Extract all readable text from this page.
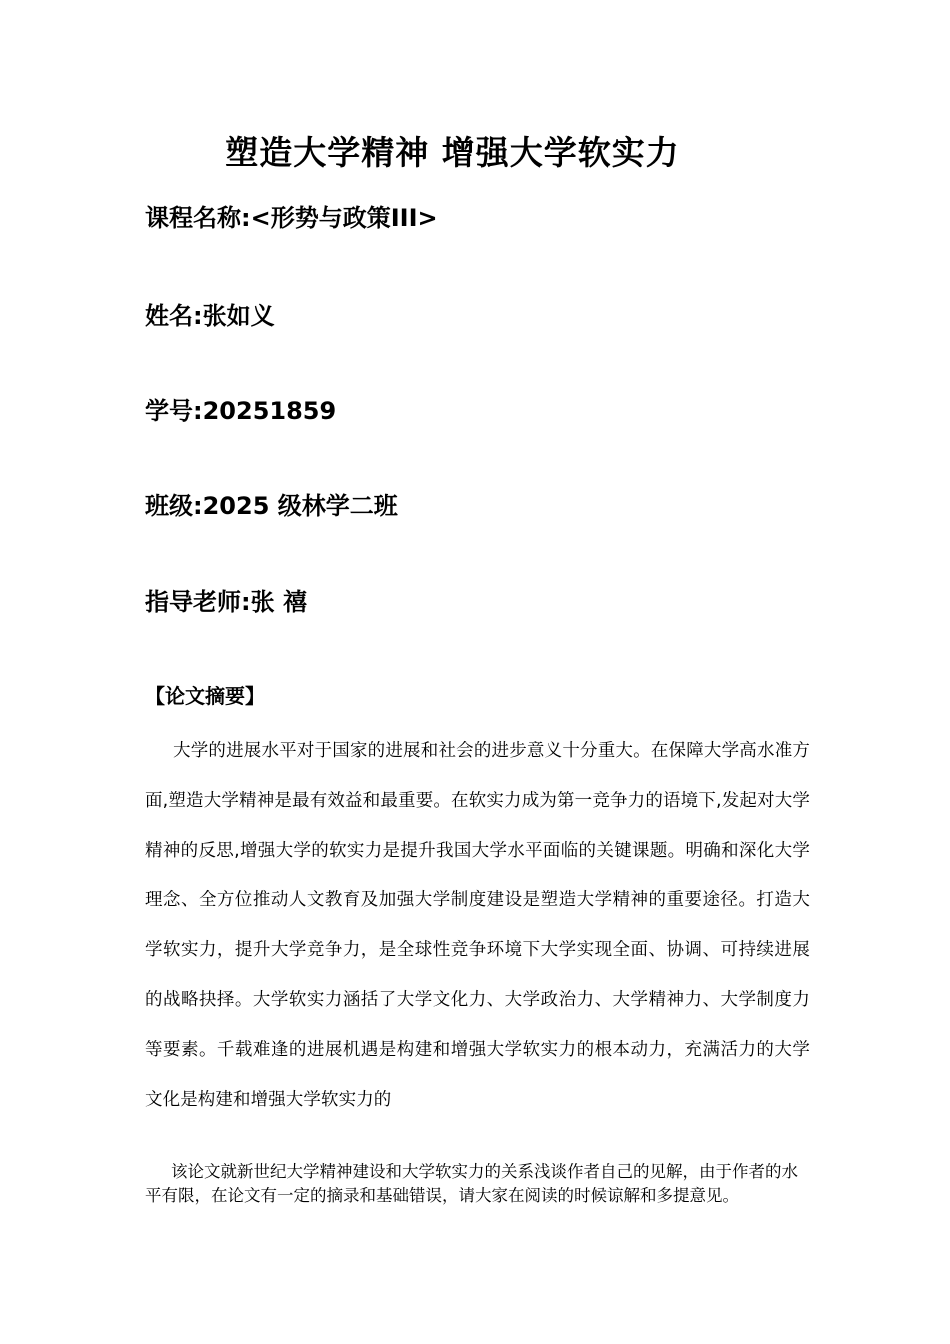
塑造大学精神 增强大学软实力
课程名称:<形势与政策III>
姓名:张如义
学号:20251859
班级:2025 级林学二班
指导老师:张 禧
【论文摘要】
大学的进展水平对于国家的进展和社会的进步意义十分重大。在保障大学高水准方面,塑造大学精神是最有效益和最重要。在软实力成为第一竞争力的语境下,发起对大学精神的反思,增强大学的软实力是提升我国大学水平面临的关键课题。明确和深化大学理念、全方位推动人文教育及加强大学制度建设是塑造大学精神的重要途径。打造大学软实力，提升大学竞争力，是全球性竞争环境下大学实现全面、协调、可持续进展的战略抉择。大学软实力涵括了大学文化力、大学政治力、大学精神力、大学制度力等要素。千载难逢的进展机遇是构建和增强大学软实力的根本动力，充满活力的大学文化是构建和增强大学软实力的
该论文就新世纪大学精神建设和大学软实力的关系浅谈作者自己的见解，由于作者的水平有限，在论文有一定的摘录和基础错误，请大家在阅读的时候谅解和多提意见。
